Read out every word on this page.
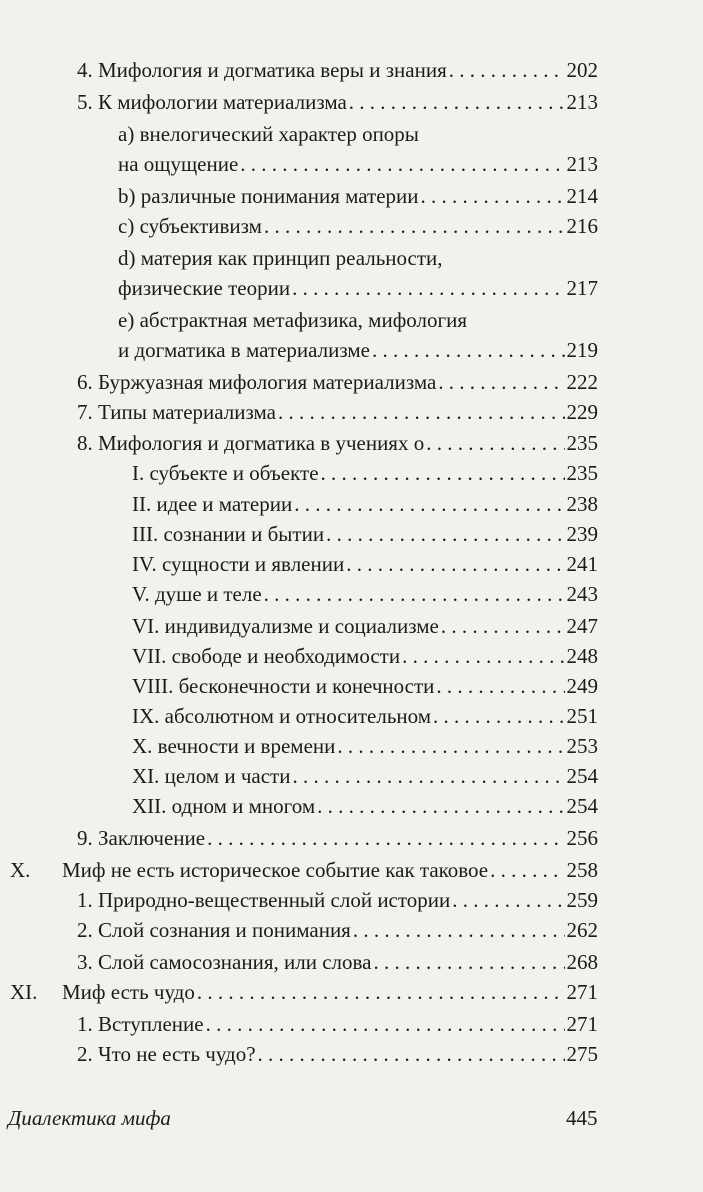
4. Мифология и догматика веры и знания . . .	202
5. К мифологии материализма . . .	213
a) внелогический характер опоры
на ощущение . . .	213
b) различные понимания материи . . .	214
c) субъективизм . . .	216
d) материя как принцип реальности,
физические теории . . .	217
e) абстрактная метафизика, мифология
и догматика в материализме . . .	219
6. Буржуазная мифология материализма . . .	222
7. Типы материализма . . .	229
8. Мифология и догматика в учениях о . . .	235
I. субъекте и объекте . . .	235
II. идее и материи . . .	238
III. сознании и бытии . . .	239
IV. сущности и явлении . . .	241
V. душе и теле . . .	243
VI. индивидуализме и социализме . . .	247
VII. свободе и необходимости . . .	248
VIII. бесконечности и конечности . . .	249
IX. абсолютном и относительном . . .	251
X. вечности и времени . . .	253
XI. целом и части . . .	254
XII. одном и многом . . .	254
9. Заключение . . .	256
X. Миф не есть историческое событие как таковое . . .	258
1. Природно-вещественный слой истории . . .	259
2. Слой сознания и понимания . . .	262
3. Слой самосознания, или слова . . .	268
XI. Миф есть чудо . . .	271
1. Вступление . . .	271
2. Что не есть чудо? . . .	275
Диалектика мифа	445
